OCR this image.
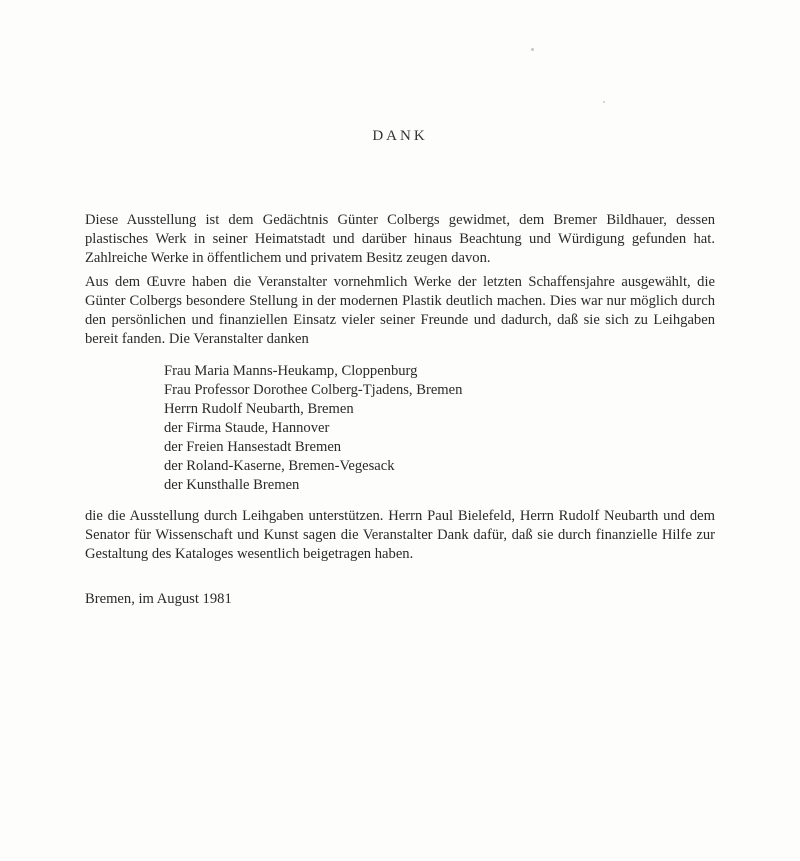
DANK

Diese Ausstellung ist dem Gedächtnis Günter Colbergs gewidmet, dem Bremer Bildhauer, dessen plastisches Werk in seiner Heimatstadt und darüber hinaus Beachtung und Würdigung gefunden hat. Zahlreiche Werke in öffentlichem und privatem Besitz zeugen davon.

Aus dem Œuvre haben die Veranstalter vornehmlich Werke der letzten Schaffensjahre ausgewählt, die Günter Colbergs besondere Stellung in der modernen Plastik deutlich machen. Dies war nur möglich durch den persönlichen und finanziellen Einsatz vieler seiner Freunde und dadurch, daß sie sich zu Leihgaben bereit fanden. Die Veranstalter danken

Frau Maria Manns-Heukamp, Cloppenburg
Frau Professor Dorothee Colberg-Tjadens, Bremen
Herrn Rudolf Neubarth, Bremen
der Firma Staude, Hannover
der Freien Hansestadt Bremen
der Roland-Kaserne, Bremen-Vegesack
der Kunsthalle Bremen

die die Ausstellung durch Leihgaben unterstützen. Herrn Paul Bielefeld, Herrn Rudolf Neubarth und dem Senator für Wissenschaft und Kunst sagen die Veranstalter Dank dafür, daß sie durch finanzielle Hilfe zur Gestaltung des Kataloges wesentlich beigetragen haben.

Bremen, im August 1981
